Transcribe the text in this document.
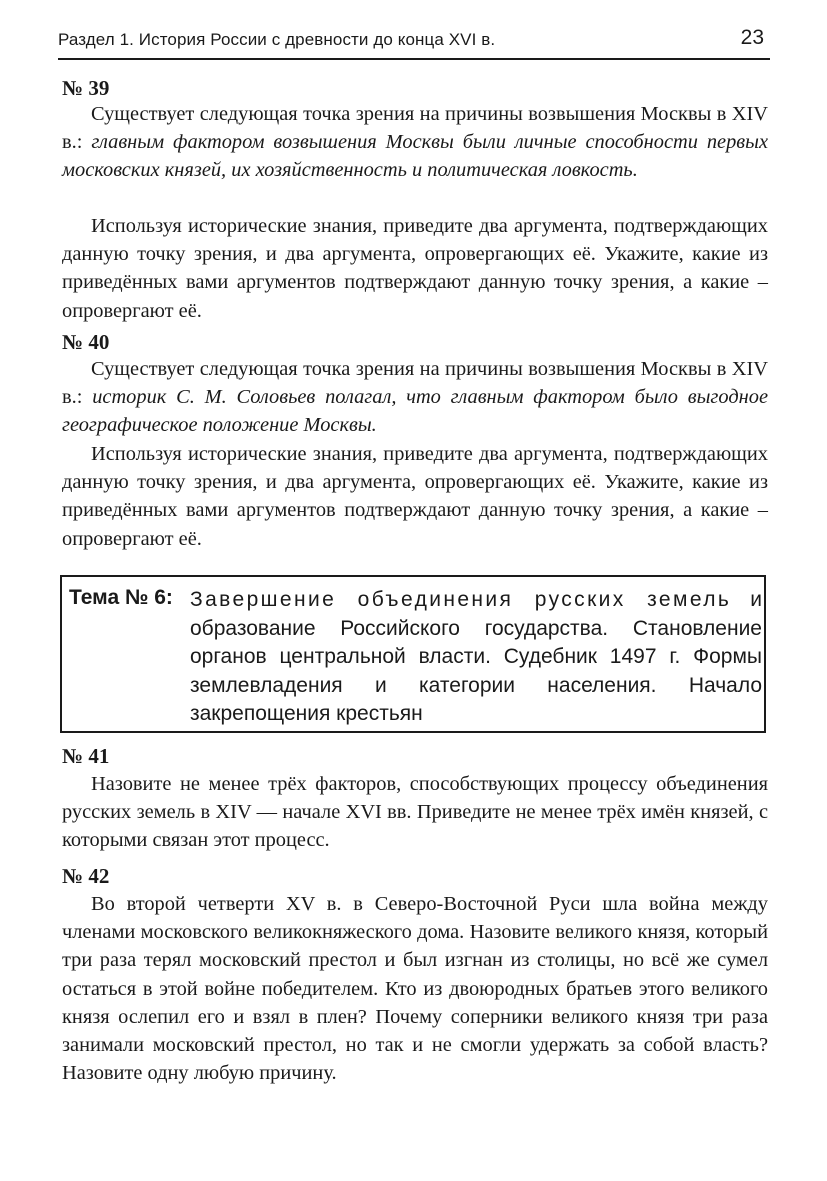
Раздел 1. История России с древности до конца XVI в.	23
№ 39
Существует следующая точка зрения на причины возвышения Москвы в XIV в.: главным фактором возвышения Москвы были личные способности первых московских князей, их хозяйственность и политическая ловкость.
Используя исторические знания, приведите два аргумента, подтверждающих данную точку зрения, и два аргумента, опровергающих её. Укажите, какие из приведённых вами аргументов подтверждают данную точку зрения, а какие – опровергают её.
№ 40
Существует следующая точка зрения на причины возвышения Москвы в XIV в.: историк С. М. Соловьев полагал, что главным фактором было выгодное географическое положение Москвы.
Используя исторические знания, приведите два аргумента, подтверждающих данную точку зрения, и два аргумента, опровергающих её. Укажите, какие из приведённых вами аргументов подтверждают данную точку зрения, а какие – опровергают её.
Тема № 6: Завершение объединения русских земель и образование Российского государства. Становление органов центральной власти. Судебник 1497 г. Формы землевладения и категории населения. Начало закрепощения крестьян
№ 41
Назовите не менее трёх факторов, способствующих процессу объединения русских земель в XIV — начале XVI вв. Приведите не менее трёх имён князей, с которыми связан этот процесс.
№ 42
Во второй четверти XV в. в Северо-Восточной Руси шла война между членами московского великокняжеского дома. Назовите великого князя, который три раза терял московский престол и был изгнан из столицы, но всё же сумел остаться в этой войне победителем. Кто из двоюродных братьев этого великого князя ослепил его и взял в плен? Почему соперники великого князя три раза занимали московский престол, но так и не смогли удержать за собой власть? Назовите одну любую причину.
